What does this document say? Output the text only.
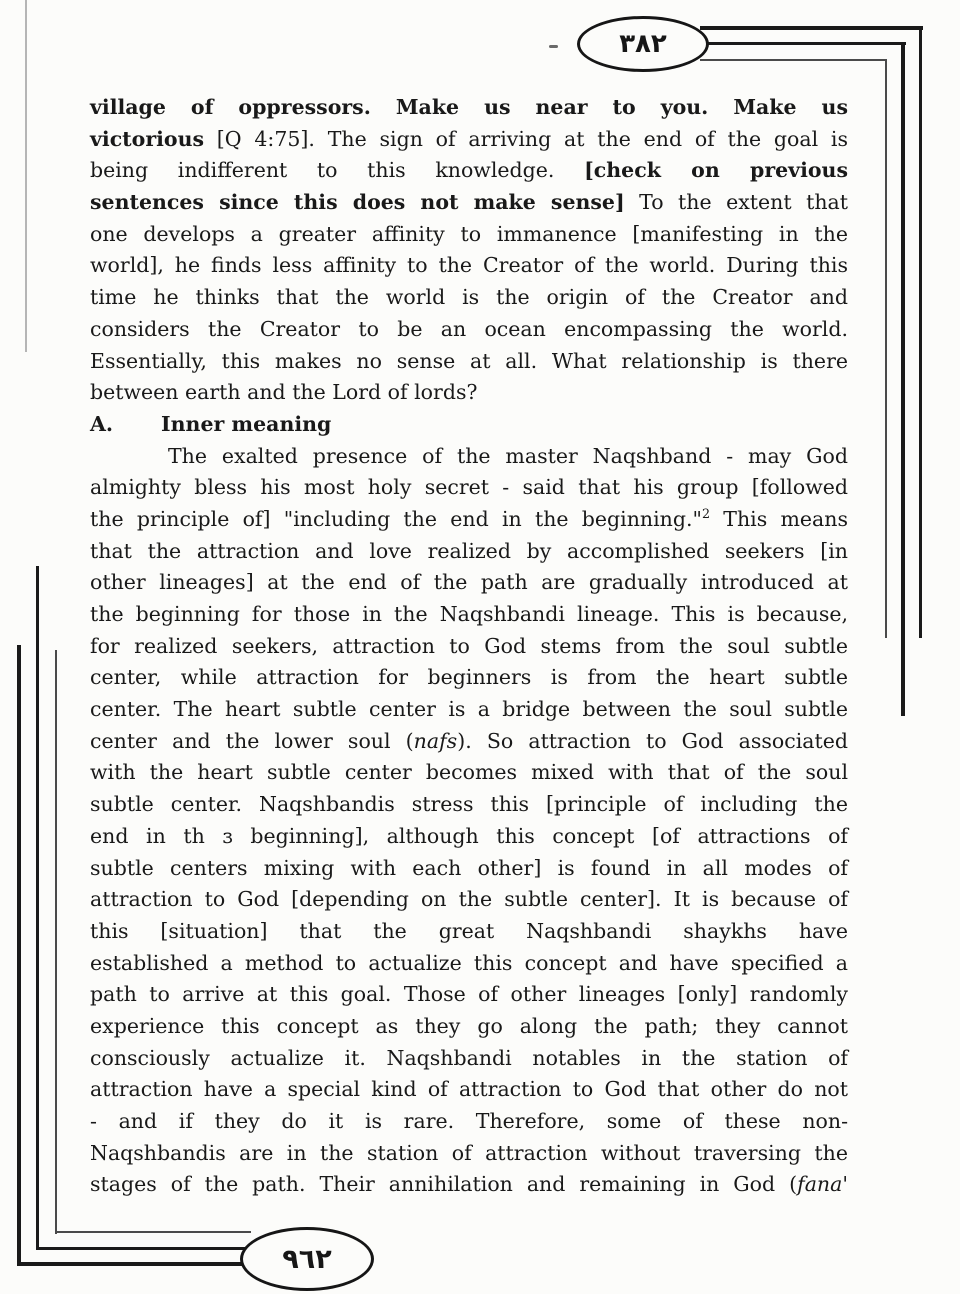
٣٨٢
٩٦٢
village of oppressors. Make us near to you. Make us
victorious [Q 4:75]. The sign of arriving at the end of the goal is
being indifferent to this knowledge. [check on previous
sentences since this does not make sense] To the extent that
one develops a greater affinity to immanence [manifesting in the
world], he finds less affinity to the Creator of the world. During this
time he thinks that the world is the origin of the Creator and
considers the Creator to be an ocean encompassing the world.
Essentially, this makes no sense at all. What relationship is there
between earth and the Lord of lords?
A. Inner meaning
The exalted presence of the master Naqshband - may God
almighty bless his most holy secret - said that his group [followed
the principle of] "including the end in the beginning."$^2$ This means
that the attraction and love realized by accomplished seekers [in
other lineages] at the end of the path are gradually introduced at
the beginning for those in the Naqshbandi lineage. This is because,
for realized seekers, attraction to God stems from the soul subtle
center, while attraction for beginners is from the heart subtle
center. The heart subtle center is a bridge between the soul subtle
center and the lower soul (nafs). So attraction to God associated
with the heart subtle center becomes mixed with that of the soul
subtle center. Naqshbandis stress this [principle of including the
end in th ɜ beginning], although this concept [of attractions of
subtle centers mixing with each other] is found in all modes of
attraction to God [depending on the subtle center]. It is because of
this [situation] that the great Naqshbandi shaykhs have
established a method to actualize this concept and have specified a
path to arrive at this goal. Those of other lineages [only] randomly
experience this concept as they go along the path; they cannot
consciously actualize it. Naqshbandi notables in the station of
attraction have a special kind of attraction to God that other do not
- and if they do it is rare. Therefore, some of these non-
Naqshbandis are in the station of attraction without traversing the
stages of the path. Their annihilation and remaining in God (fana'
